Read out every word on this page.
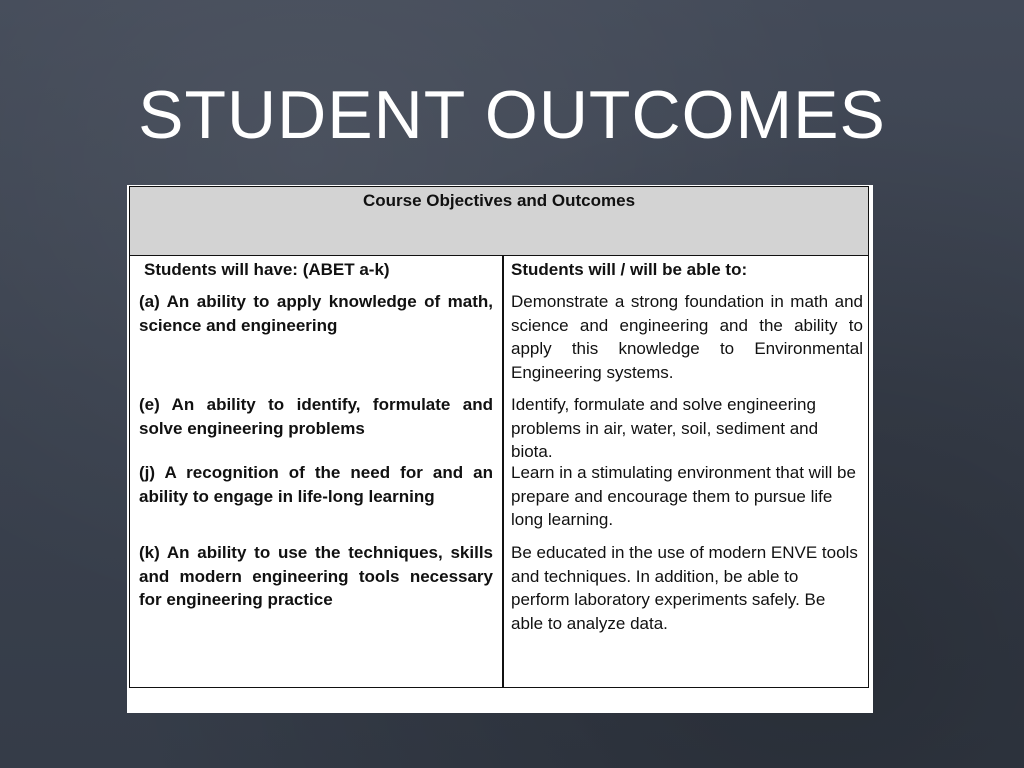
STUDENT OUTCOMES
Course Objectives and Outcomes
Students will have: (ABET a-k)	Students will / will be able to:
(a) An ability to apply knowledge of math, science and engineering
Demonstrate a strong foundation in math and science and engineering and the ability to apply this knowledge to Environmental Engineering systems.
(e) An ability to identify, formulate and solve engineering problems
Identify, formulate and solve engineering problems in air, water, soil, sediment and biota.
(j) A recognition of the need for and an ability to engage in life-long learning
Learn in a stimulating environment that will be prepare and encourage them to pursue life long learning.
(k) An ability to use the techniques, skills and modern engineering tools necessary for engineering practice
Be educated in the use of modern ENVE tools and techniques. In addition, be able to perform laboratory experiments safely. Be able to analyze data.
